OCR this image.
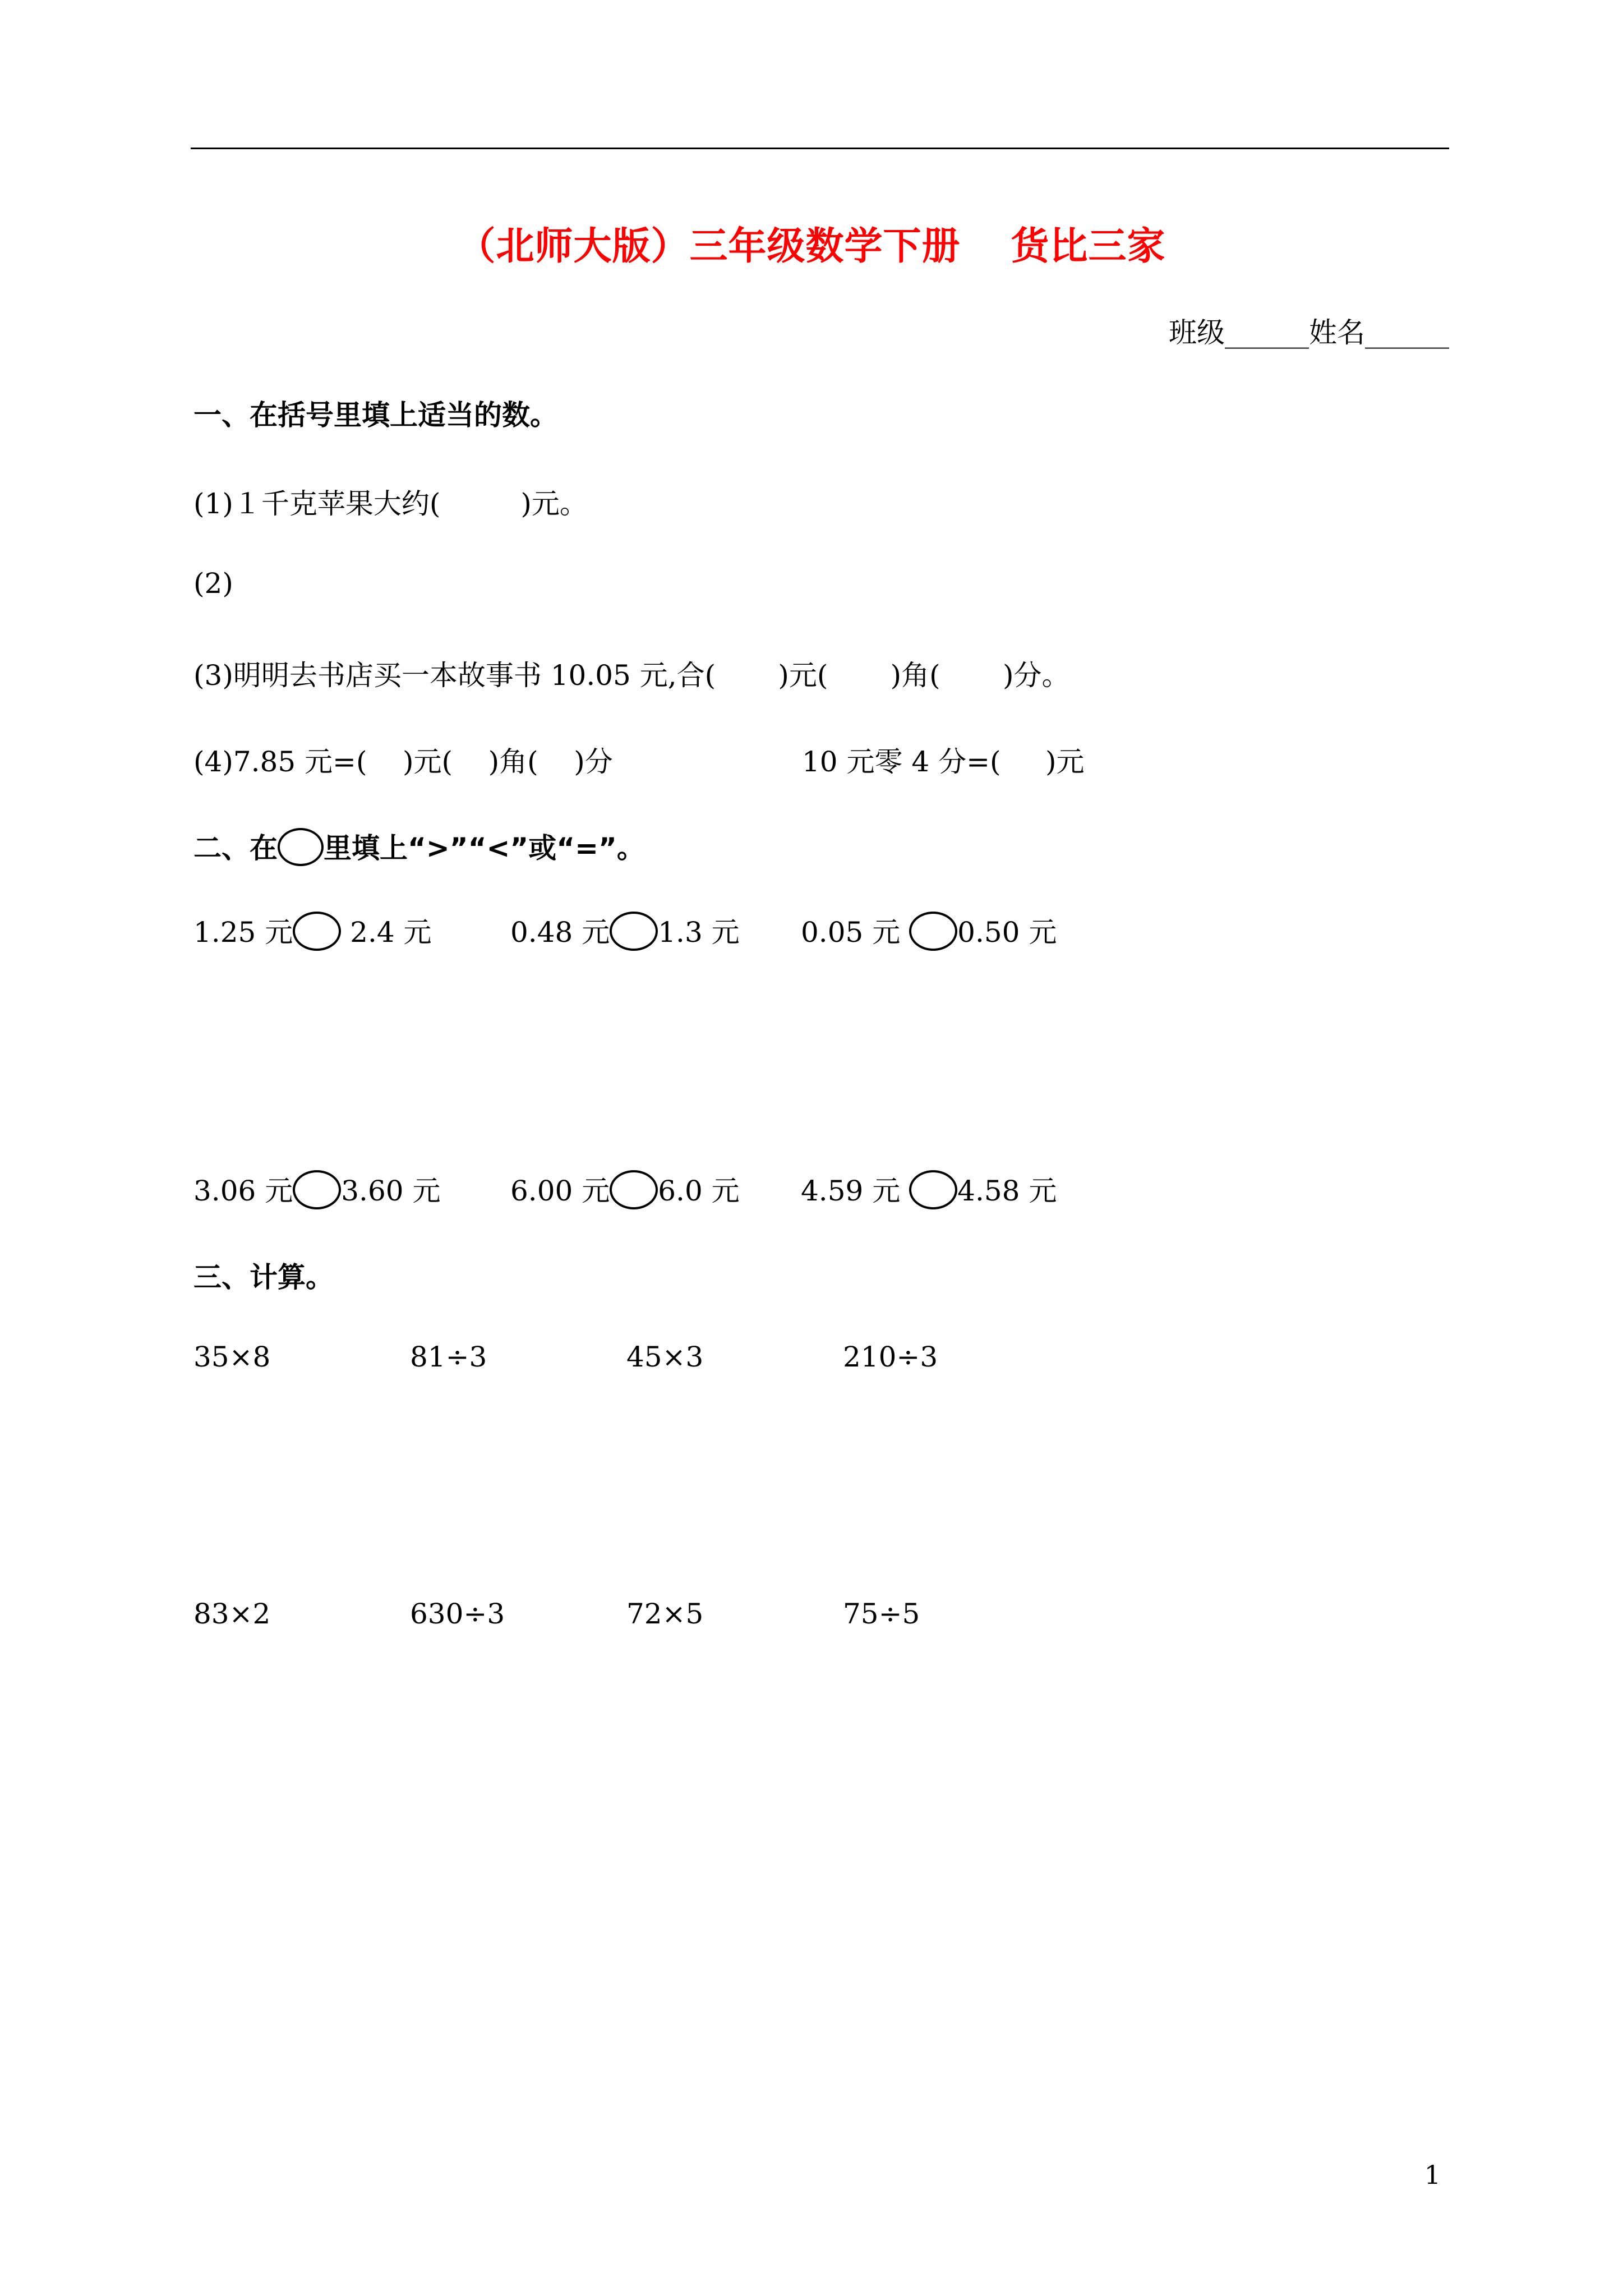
（北师大版）三年级数学下册 货比三家
班级______姓名______
一、在括号里填上适当的数。
(1)１千克苹果大约(         )元。
(2)
(3)明明去书店买一本故事书 10.05 元,合(       )元(       )角(       )分。
(4)7.85 元=(    )元(    )角(    )分	10 元零 4 分=(     )元
二、在 里填上“>”“<”或“=”。
1.25 元 2.4 元	0.48 元 1.3 元 0.05 元 0.50 元
3.06 元 3.60 元 6.00 元 6.0 元 4.59 元 4.58 元
三、计算。
35×8	81÷3	45×3	210÷3
83×2	630÷3	72×5	75÷5
1
